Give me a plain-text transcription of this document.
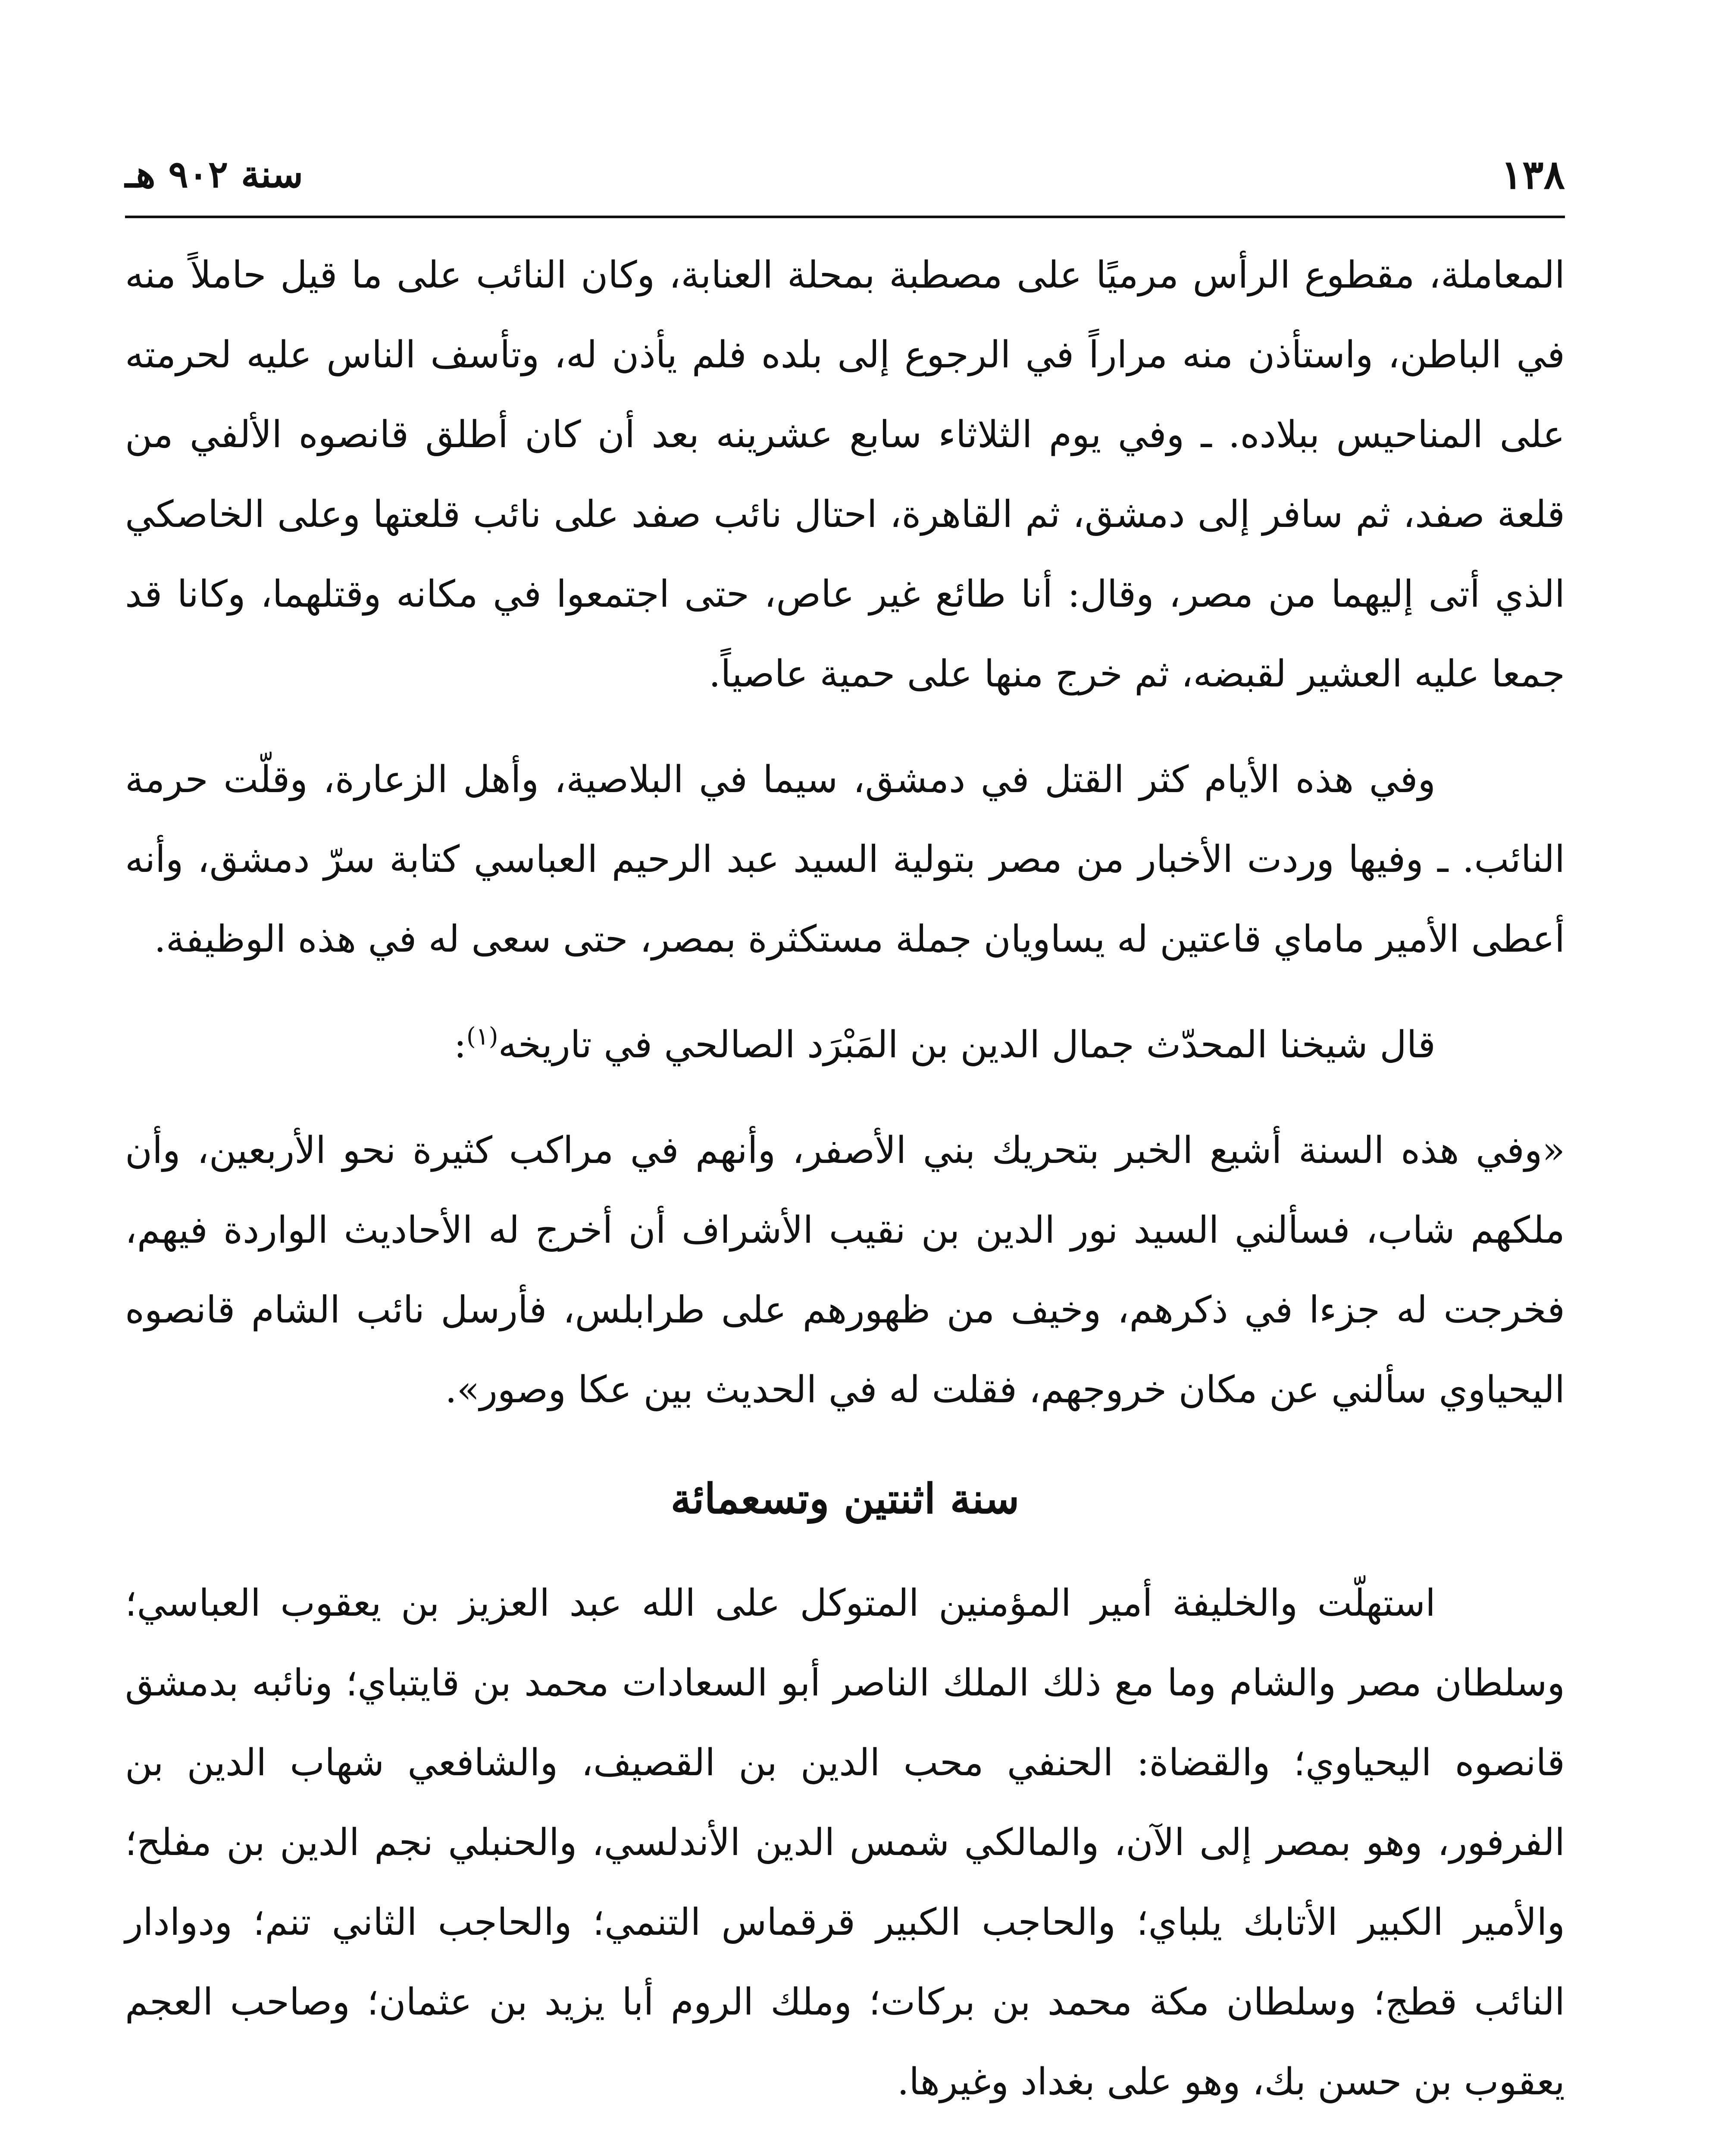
١٣٨
سنة ٩٠٢ هـ

المعاملة، مقطوع الرأس مرميًا على مصطبة بمحلة العنابة، وكان النائب على ما قيل حاملاً منه في الباطن، واستأذن منه مراراً في الرجوع إلى بلده فلم يأذن له، وتأسف الناس عليه لحرمته على المناحيس ببلاده. ـ وفي يوم الثلاثاء سابع عشرينه بعد أن كان أطلق قانصوه الألفي من قلعة صفد، ثم سافر إلى دمشق، ثم القاهرة، احتال نائب صفد على نائب قلعتها وعلى الخاصكي الذي أتى إليهما من مصر، وقال: أنا طائع غير عاص، حتى اجتمعوا في مكانه وقتلهما، وكانا قد جمعا عليه العشير لقبضه، ثم خرج منها على حمية عاصياً.

وفي هذه الأيام كثر القتل في دمشق، سيما في البلاصية، وأهل الزعارة، وقلّت حرمة النائب. ـ وفيها وردت الأخبار من مصر بتولية السيد عبد الرحيم العباسي كتابة سرّ دمشق، وأنه أعطى الأمير ماماي قاعتين له يساويان جملة مستكثرة بمصر، حتى سعى له في هذه الوظيفة.

قال شيخنا المحدّث جمال الدين بن المَبْرَد الصالحي في تاريخه$^{(١)}$:

«وفي هذه السنة أشيع الخبر بتحريك بني الأصفر، وأنهم في مراكب كثيرة نحو الأربعين، وأن ملكهم شاب، فسألني السيد نور الدين بن نقيب الأشراف أن أخرج له الأحاديث الواردة فيهم، فخرجت له جزءا في ذكرهم، وخيف من ظهورهم على طرابلس، فأرسل نائب الشام قانصوه اليحياوي سألني عن مكان خروجهم، فقلت له في الحديث بين عكا وصور».

سنة اثنتين وتسعمائة

استهلّت والخليفة أمير المؤمنين المتوكل على الله عبد العزيز بن يعقوب العباسي؛ وسلطان مصر والشام وما مع ذلك الملك الناصر أبو السعادات محمد بن قايتباي؛ ونائبه بدمشق قانصوه اليحياوي؛ والقضاة: الحنفي محب الدين بن القصيف، والشافعي شهاب الدين بن الفرفور، وهو بمصر إلى الآن، والمالكي شمس الدين الأندلسي، والحنبلي نجم الدين بن مفلح؛ والأمير الكبير الأتابك يلباي؛ والحاجب الكبير قرقماس التنمي؛ والحاجب الثاني تنم؛ ودوادار النائب قطج؛ وسلطان مكة محمد بن بركات؛ وملك الروم أبا يزيد بن عثمان؛ وصاحب العجم يعقوب بن حسن بك، وهو على بغداد وغيرها.
